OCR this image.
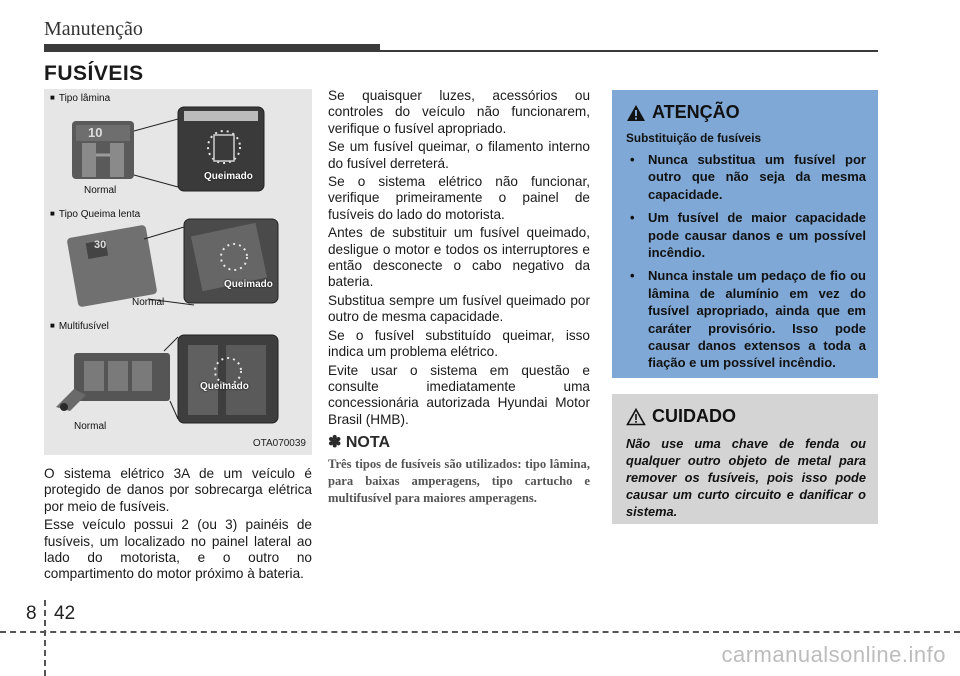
Manutenção
FUSÍVEIS
10
30
■ Tipo lâmina
Normal
Queimado
■ Tipo Queima lenta
Normal
Queimado
■ Multifusível
Normal
Queimado
OTA070039

O sistema elétrico 3A de um veículo é protegido de danos por sobrecarga elétrica por meio de fusíveis.

Esse veículo possui 2 (ou 3) painéis de fusíveis, um localizado no painel lateral ao lado do motorista, e o outro no compartimento do motor próximo à bateria.

Se quaisquer luzes, acessórios ou controles do veículo não funcionarem, verifique o fusível apropriado.

Se um fusível queimar, o filamento interno do fusível derreterá.

Se o sistema elétrico não funcionar, verifique primeiramente o painel de fusíveis do lado do motorista.

Antes de substituir um fusível queimado, desligue o motor e todos os interruptores e então desconecte o cabo negativo da bateria.

Substitua sempre um fusível queimado por outro de mesma capacidade.

Se o fusível substituído queimar, isso indica um problema elétrico.

Evite usar o sistema em questão e consulte imediatamente uma concessionária autorizada Hyundai Motor Brasil (HMB).

✽ NOTA
Três tipos de fusíveis são utilizados: tipo lâmina, para baixas amperagens, tipo cartucho e multifusível para maiores amperagens.
ATENÇÃO
Substituição de fusíveis
• Nunca substitua um fusível por outro que não seja da mesma capacidade.
• Um fusível de maior capacidade pode causar danos e um possível incêndio.
• Nunca instale um pedaço de fio ou lâmina de alumínio em vez do fusível apropriado, ainda que em caráter provisório. Isso pode causar danos extensos a toda a fiação e um possível incêndio.
CUIDADO
Não use uma chave de fenda ou qualquer outro objeto de metal para remover os fusíveis, pois isso pode causar um curto circuito e danificar o sistema.
8 42
carmanualsonline.info
